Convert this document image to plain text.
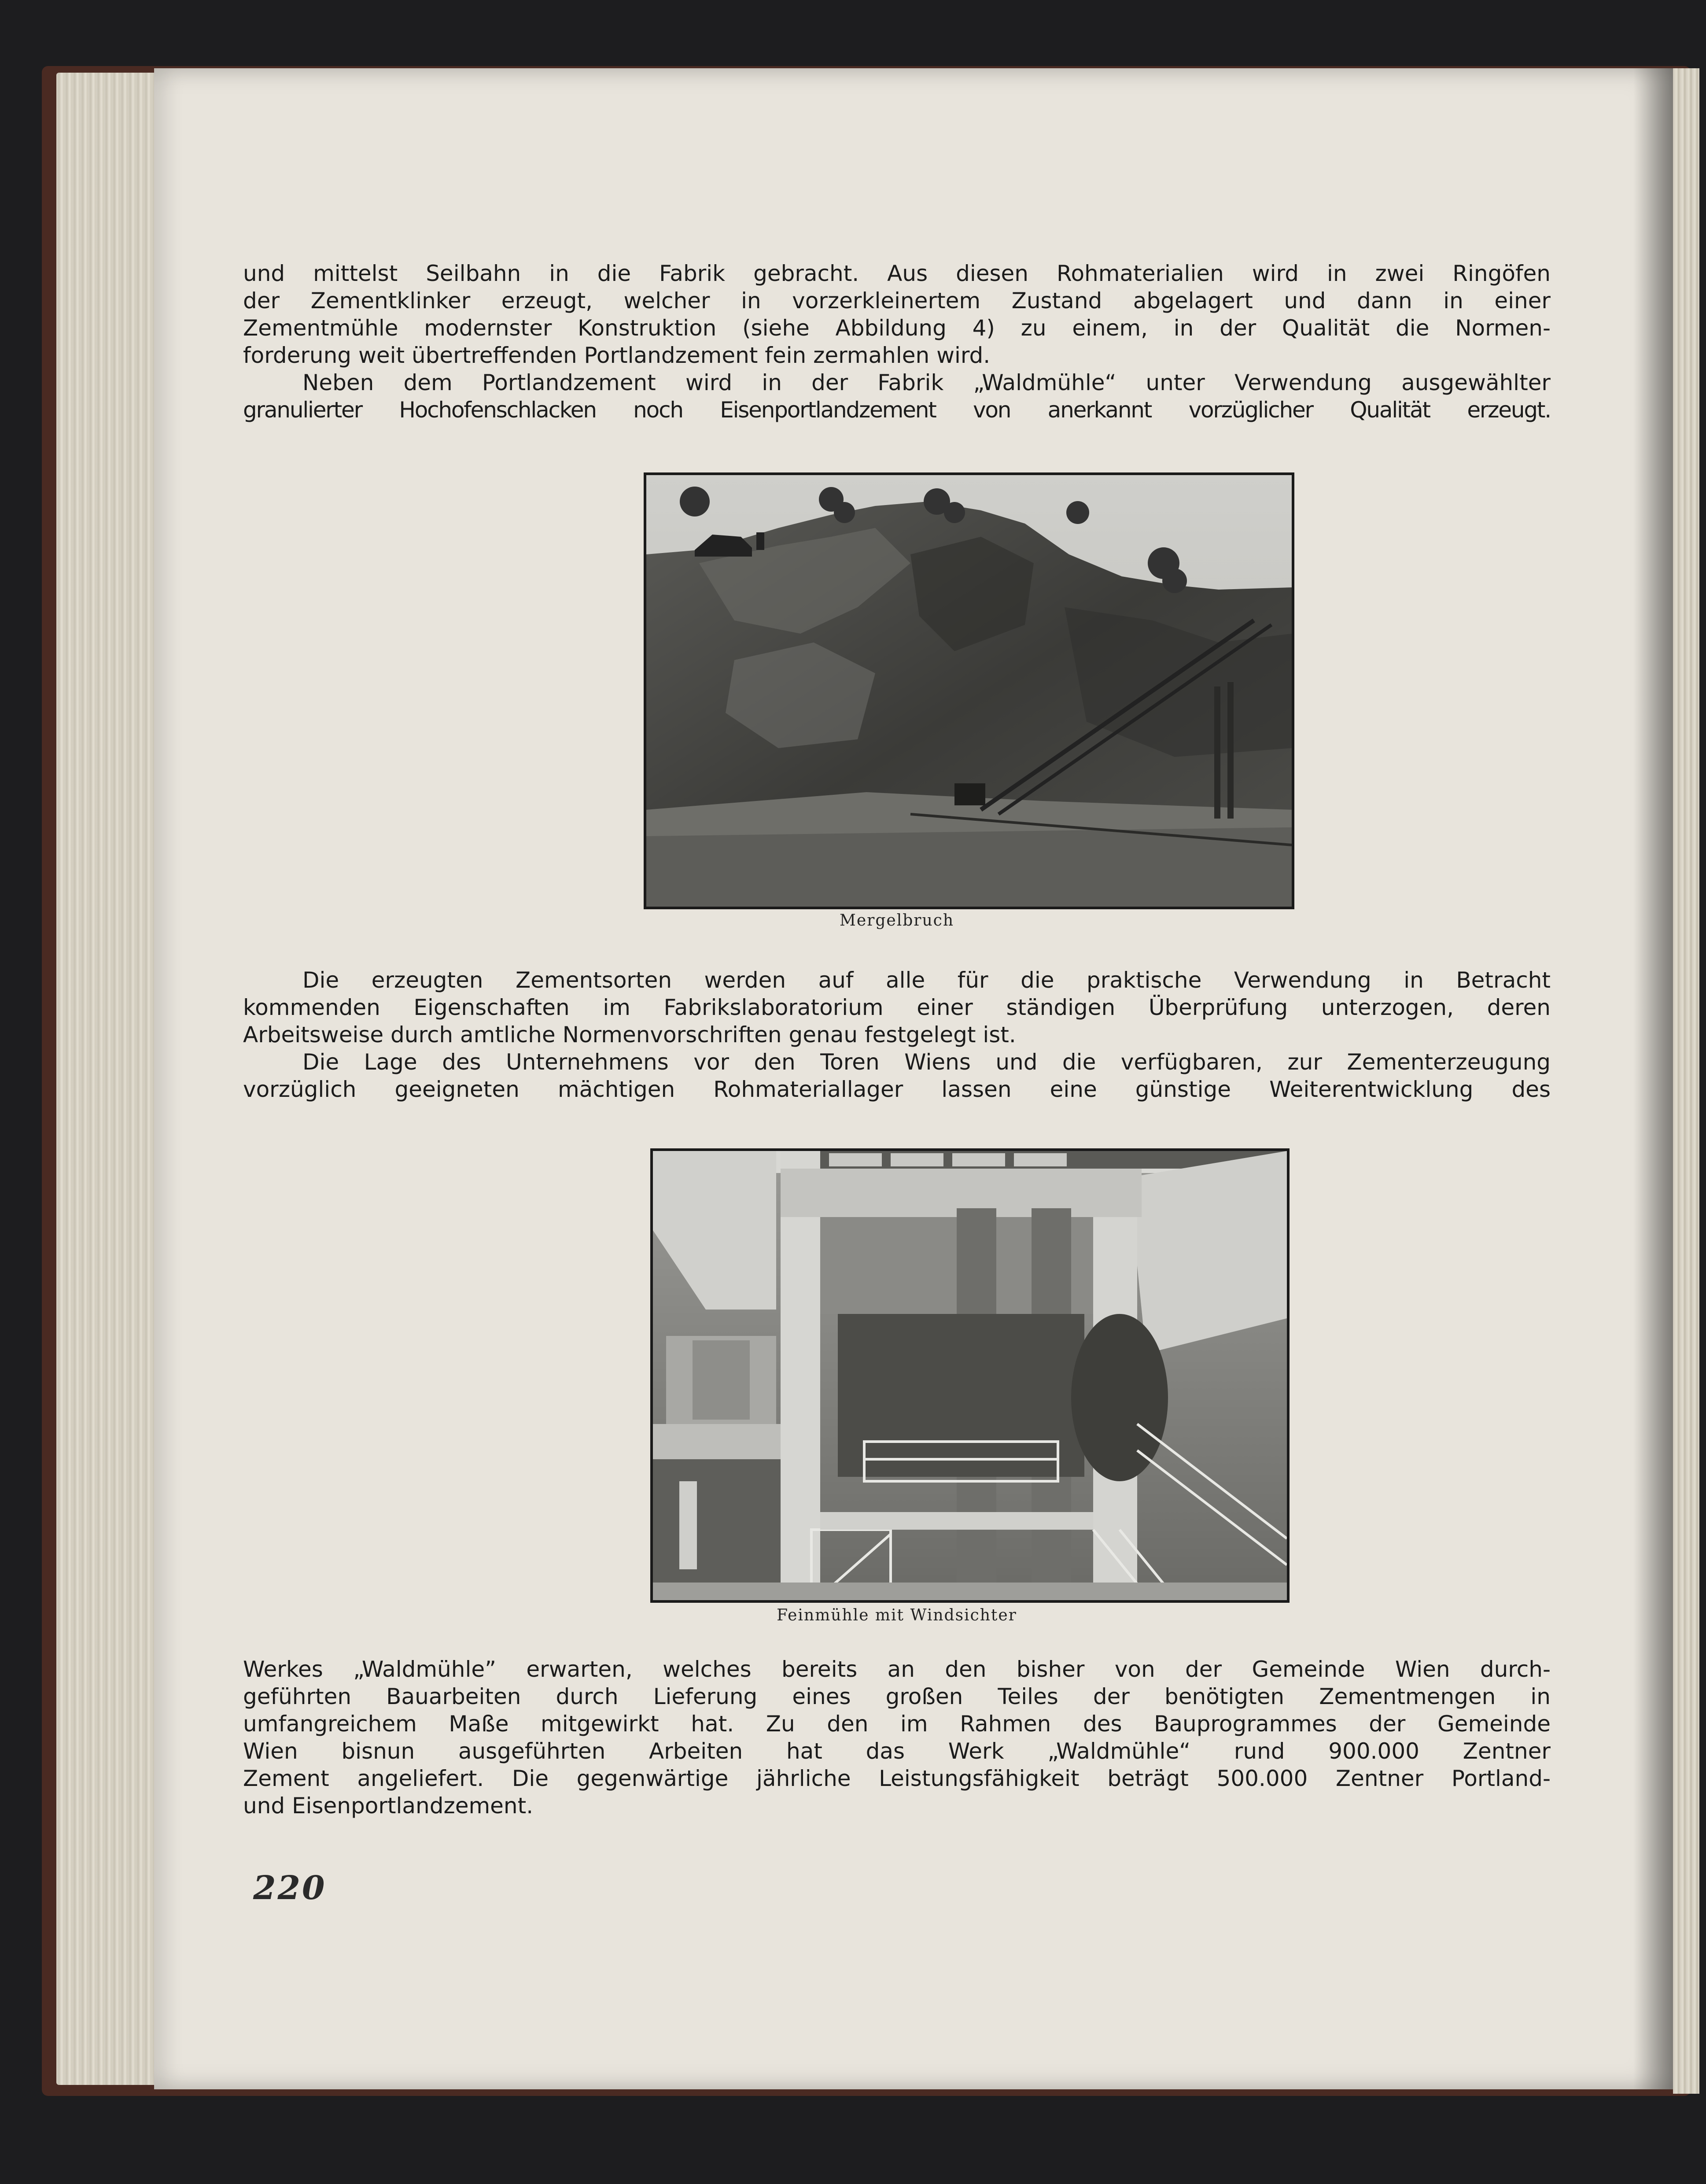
und mittelst Seilbahn in die Fabrik gebracht. Aus diesen Rohmaterialien wird in zwei Ringöfen
der Zementklinker erzeugt, welcher in vorzerkleinertem Zustand abgelagert und dann in einer
Zementmühle modernster Konstruktion (siehe Abbildung 4) zu einem, in der Qualität die Normen-
forderung weit übertreffenden Portlandzement fein zermahlen wird.
Neben dem Portlandzement wird in der Fabrik „Waldmühle“ unter Verwendung ausgewählter
granulierter Hochofenschlacken noch Eisenportlandzement von anerkannt vorzüglicher Qualität erzeugt.
Mergelbruch
Die erzeugten Zementsorten werden auf alle für die praktische Verwendung in Betracht
kommenden Eigenschaften im Fabrikslaboratorium einer ständigen Überprüfung unterzogen, deren
Arbeitsweise durch amtliche Normenvorschriften genau festgelegt ist.
Die Lage des Unternehmens vor den Toren Wiens und die verfügbaren, zur Zementerzeugung
vorzüglich geeigneten mächtigen Rohmateriallager lassen eine günstige Weiterentwicklung des
Feinmühle mit Windsichter
Werkes „Waldmühle” erwarten, welches bereits an den bisher von der Gemeinde Wien durch-
geführten Bauarbeiten durch Lieferung eines großen Teiles der benötigten Zementmengen in
umfangreichem Maße mitgewirkt hat. Zu den im Rahmen des Bauprogrammes der Gemeinde
Wien bisnun ausgeführten Arbeiten hat das Werk „Waldmühle“ rund 900.000 Zentner
Zement angeliefert. Die gegenwärtige jährliche Leistungsfähigkeit beträgt 500.000 Zentner Portland-
und Eisenportlandzement.
220
